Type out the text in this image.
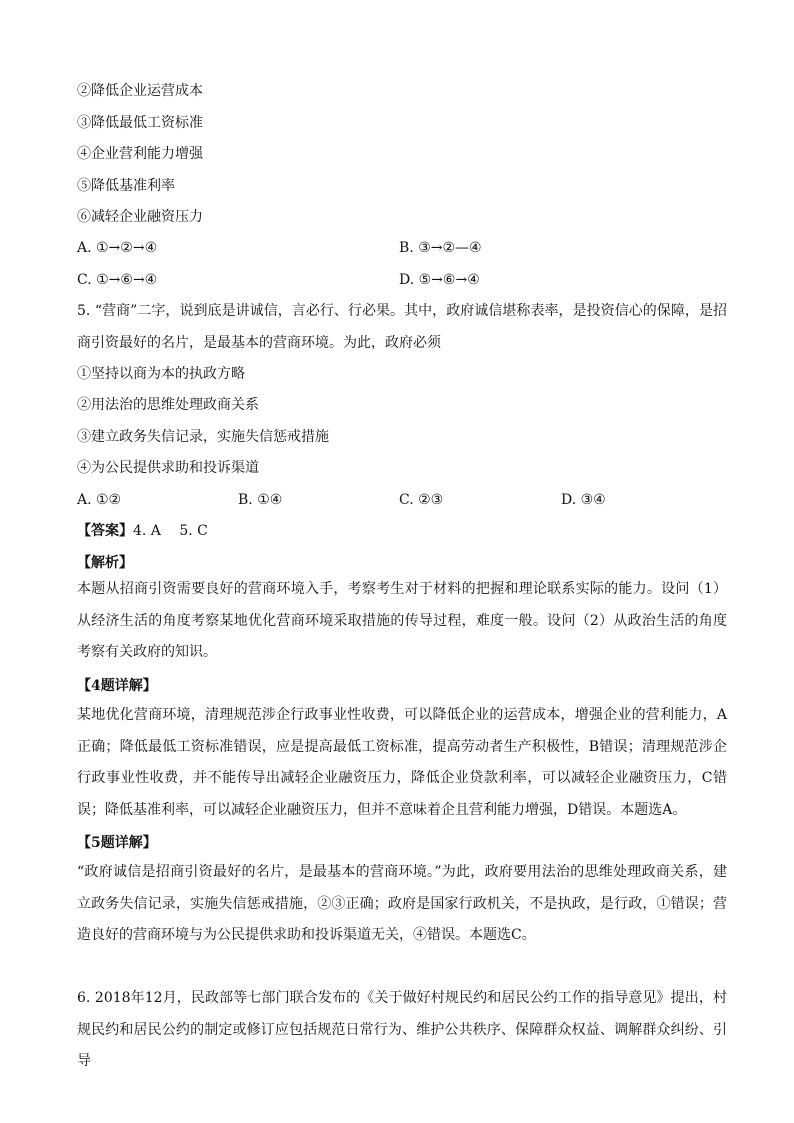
②降低企业运营成本
③降低最低工资标准
④企业营利能力增强
⑤降低基准利率
⑥减轻企业融资压力
A. ①→②→④	B. ③→②—④
C. ①→⑥→④	D. ⑤→⑥→④
5. “营商”二字，说到底是讲诚信，言必行、行必果。其中，政府诚信堪称表率，是投资信心的保障，是招商引资最好的名片，是最基本的营商环境。为此，政府必须
①坚持以商为本的执政方略
②用法治的思维处理政商关系
③建立政务失信记录，实施失信惩戒措施
④为公民提供求助和投诉渠道
A. ①②	B. ①④	C. ②③	D. ③④
【答案】4. A　 5. C
【解析】
本题从招商引资需要良好的营商环境入手，考察考生对于材料的把握和理论联系实际的能力。设问（1）从经济生活的角度考察某地优化营商环境采取措施的传导过程，难度一般。设问（2）从政治生活的角度考察有关政府的知识。
【4题详解】
某地优化营商环境，清理规范涉企行政事业性收费，可以降低企业的运营成本，增强企业的营利能力，A正确；降低最低工资标准错误，应是提高最低工资标准，提高劳动者生产积极性，B错误；清理规范涉企行政事业性收费，并不能传导出减轻企业融资压力，降低企业贷款利率，可以减轻企业融资压力，C错误；降低基准利率，可以减轻企业融资压力，但并不意味着企且营利能力增强，D错误。本题选A。
【5题详解】
“政府诚信是招商引资最好的名片，是最基本的营商环境。”为此，政府要用法治的思维处理政商关系，建立政务失信记录，实施失信惩戒措施，②③正确；政府是国家行政机关，不是执政，是行政，①错误；营造良好的营商环境与为公民提供求助和投诉渠道无关，④错误。本题选C。
6. 2018年12月，民政部等七部门联合发布的《关于做好村规民约和居民公约工作的指导意见》提出，村规民约和居民公约的制定或修订应包括规范日常行为、维护公共秩序、保障群众权益、调解群众纠纷、引导
